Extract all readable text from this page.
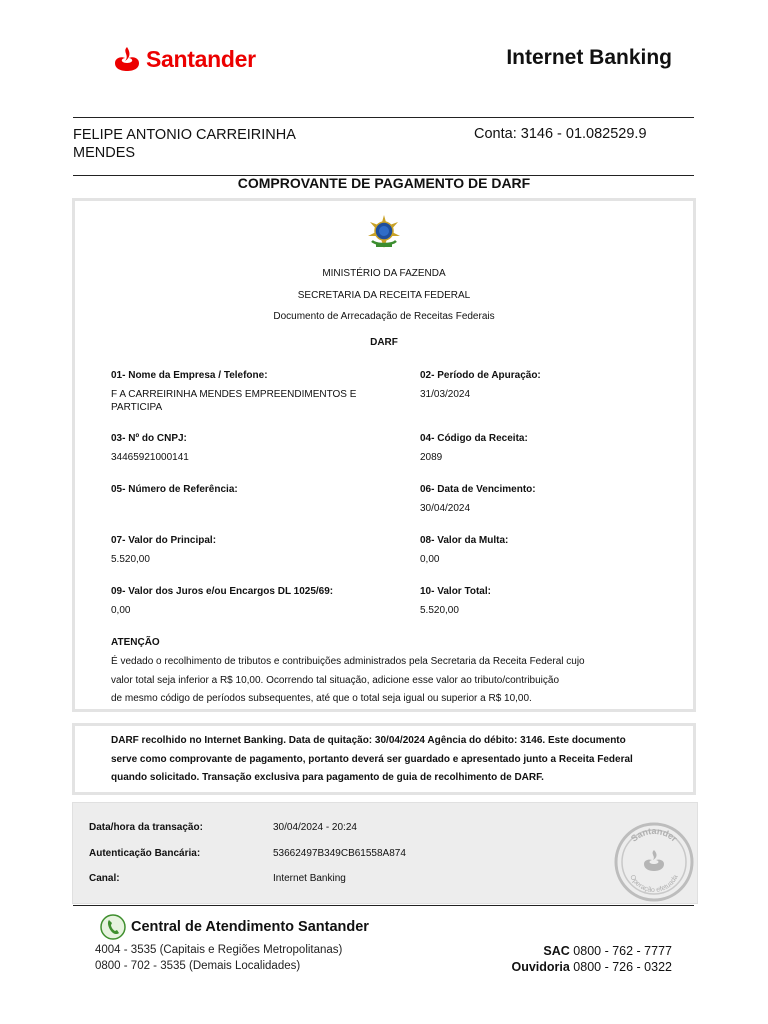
Santander	Internet Banking
FELIPE ANTONIO CARREIRINHA
MENDES
Conta: 3146 - 01.082529.9
COMPROVANTE DE PAGAMENTO DE DARF
MINISTÉRIO DA FAZENDA
SECRETARIA DA RECEITA FEDERAL
Documento de Arrecadação de Receitas Federais
DARF
01- Nome da Empresa / Telefone:
F A CARREIRINHA MENDES EMPREENDIMENTOS E
PARTICIPA
02- Período de Apuração:
31/03/2024
03- Nº do CNPJ:
34465921000141
04- Código da Receita:
2089
05- Número de Referência:	06- Data de Vencimento:
30/04/2024
07- Valor do Principal:
5.520,00
08- Valor da Multa:
0,00
09- Valor dos Juros e/ou Encargos DL 1025/69:
0,00
10- Valor Total:
5.520,00
ATENÇÃO
É vedado o recolhimento de tributos e contribuições administrados pela Secretaria da Receita Federal cujo
valor total seja inferior a R$ 10,00. Ocorrendo tal situação, adicione esse valor ao tributo/contribuição
de mesmo código de períodos subsequentes, até que o total seja igual ou superior a R$ 10,00.
DARF recolhido no Internet Banking. Data de quitação: 30/04/2024 Agência do débito: 3146. Este documento
serve como comprovante de pagamento, portanto deverá ser guardado e apresentado junto a Receita Federal
quando solicitado. Transação exclusiva para pagamento de guia de recolhimento de DARF.
Data/hora da transação:	30/04/2024 - 20:24
Autenticação Bancária:	53662497B349CB61558A874
Canal:	Internet Banking
Santander
Operação efetuada
Central de Atendimento Santander
4004 - 3535 (Capitais e Regiões Metropolitanas)
0800 - 702 - 3535 (Demais Localidades)
SAC 0800 - 762 - 7777
Ouvidoria 0800 - 726 - 0322
